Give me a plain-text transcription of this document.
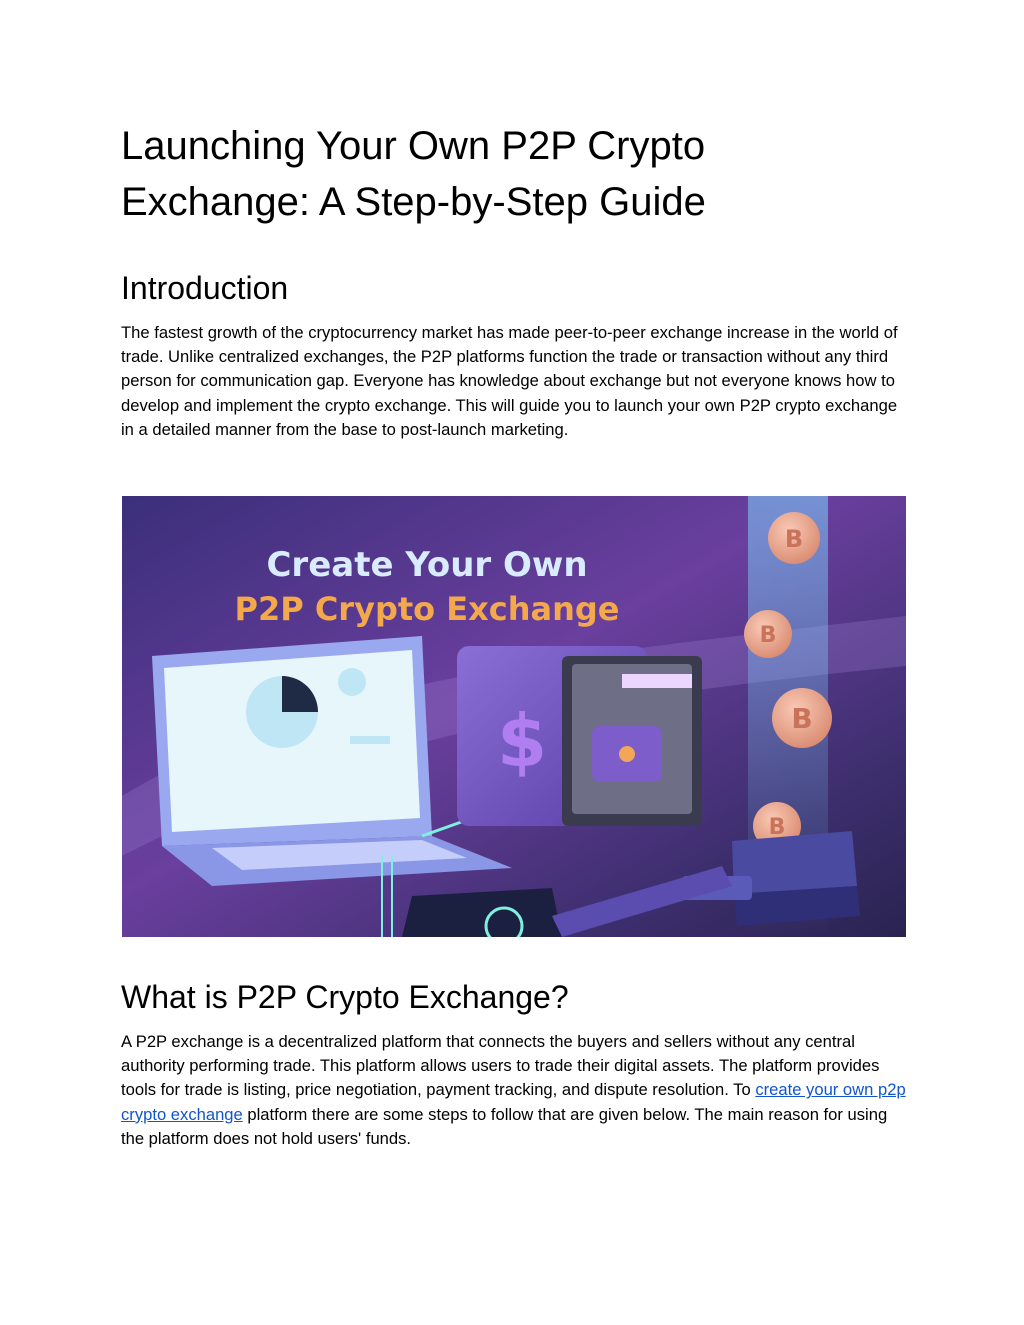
Launching Your Own P2P Crypto Exchange: A Step-by-Step Guide
Introduction

The fastest growth of the cryptocurrency market has made peer-to-peer exchange increase in the world of trade. Unlike centralized exchanges, the P2P platforms function the trade or transaction without any third person for communication gap. Everyone has knowledge about exchange but not everyone knows how to develop and implement the crypto exchange. This will guide you to launch your own P2P crypto exchange in a detailed manner from the base to post-launch marketing.

What is P2P Crypto Exchange?

A P2P exchange is a decentralized platform that connects the buyers and sellers without any central authority performing trade. This platform allows users to trade their digital assets. The platform provides tools for trade is listing, price negotiation, payment tracking, and dispute resolution. To create your own p2p crypto exchange platform there are some steps to follow that are given below. The main reason for using the platform does not hold users' funds.

Create Your Own
P2P Crypto Exchange
$
B
B
B
B
